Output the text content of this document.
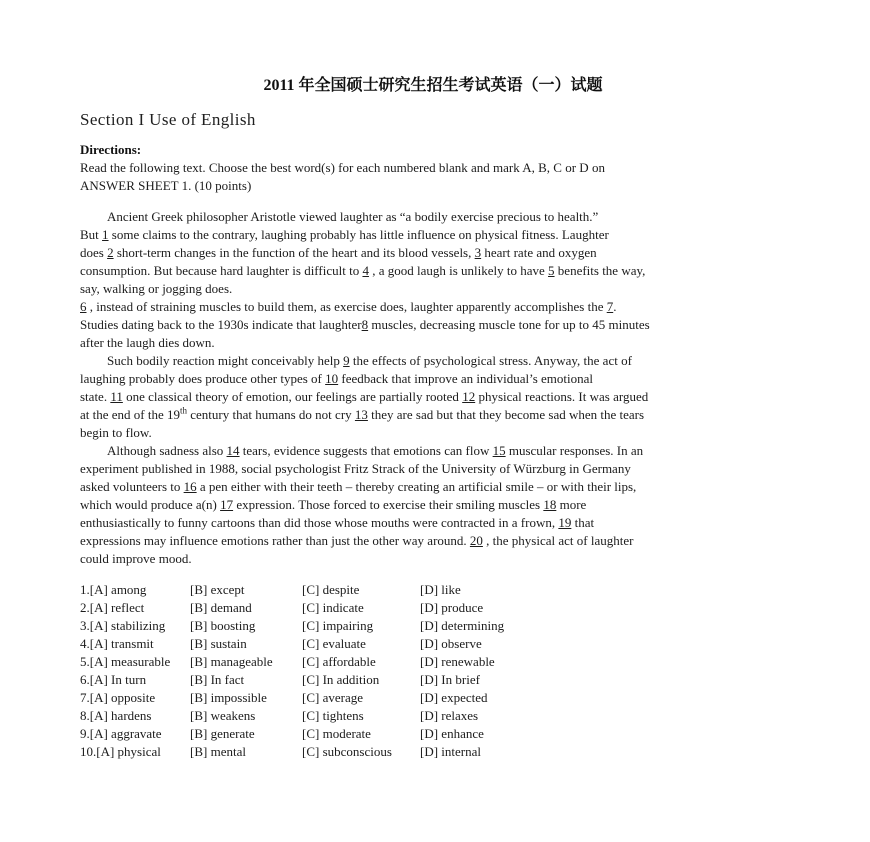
2011 年全国硕士研究生招生考试英语（一）试题
Section I Use of English
Directions:
Read the following text. Choose the best word(s) for each numbered blank and mark A, B, C or D on
ANSWER SHEET 1. (10 points)
Ancient Greek philosopher Aristotle viewed laughter as “a bodily exercise precious to health.”
But 1 some claims to the contrary, laughing probably has little influence on physical fitness. Laughter
does 2 short-term changes in the function of the heart and its blood vessels, 3 heart rate and oxygen
consumption. But because hard laughter is difficult to 4 , a good laugh is unlikely to have 5 benefits the way,
say, walking or jogging does.
6 , instead of straining muscles to build them, as exercise does, laughter apparently accomplishes the 7.
Studies dating back to the 1930s indicate that laughter8 muscles, decreasing muscle tone for up to 45 minutes
after the laugh dies down.
Such bodily reaction might conceivably help 9 the effects of psychological stress. Anyway, the act of
laughing probably does produce other types of 10 feedback that improve an individual’s emotional
state. 11 one classical theory of emotion, our feelings are partially rooted 12 physical reactions. It was argued
at the end of the 19th century that humans do not cry 13 they are sad but that they become sad when the tears
begin to flow.
Although sadness also 14 tears, evidence suggests that emotions can flow 15 muscular responses. In an
experiment published in 1988, social psychologist Fritz Strack of the University of Würzburg in Germany
asked volunteers to 16 a pen either with their teeth – thereby creating an artificial smile – or with their lips,
which would produce a(n) 17 expression. Those forced to exercise their smiling muscles 18 more
enthusiastically to funny cartoons than did those whose mouths were contracted in a frown, 19 that
expressions may influence emotions rather than just the other way around. 20 , the physical act of laughter
could improve mood.
1.[A] among	[B] except	[C] despite	[D] like
2.[A] reflect	[B] demand	[C] indicate	[D] produce
3.[A] stabilizing	[B] boosting	[C] impairing	[D] determining
4.[A] transmit	[B] sustain	[C] evaluate	[D] observe
5.[A] measurable	[B] manageable	[C] affordable	[D] renewable
6.[A] In turn	[B] In fact	[C] In addition	[D] In brief
7.[A] opposite	[B] impossible	[C] average	[D] expected
8.[A] hardens	[B] weakens	[C] tightens	[D] relaxes
9.[A] aggravate	[B] generate	[C] moderate	[D] enhance
10.[A] physical	[B] mental	[C] subconscious	[D] internal
